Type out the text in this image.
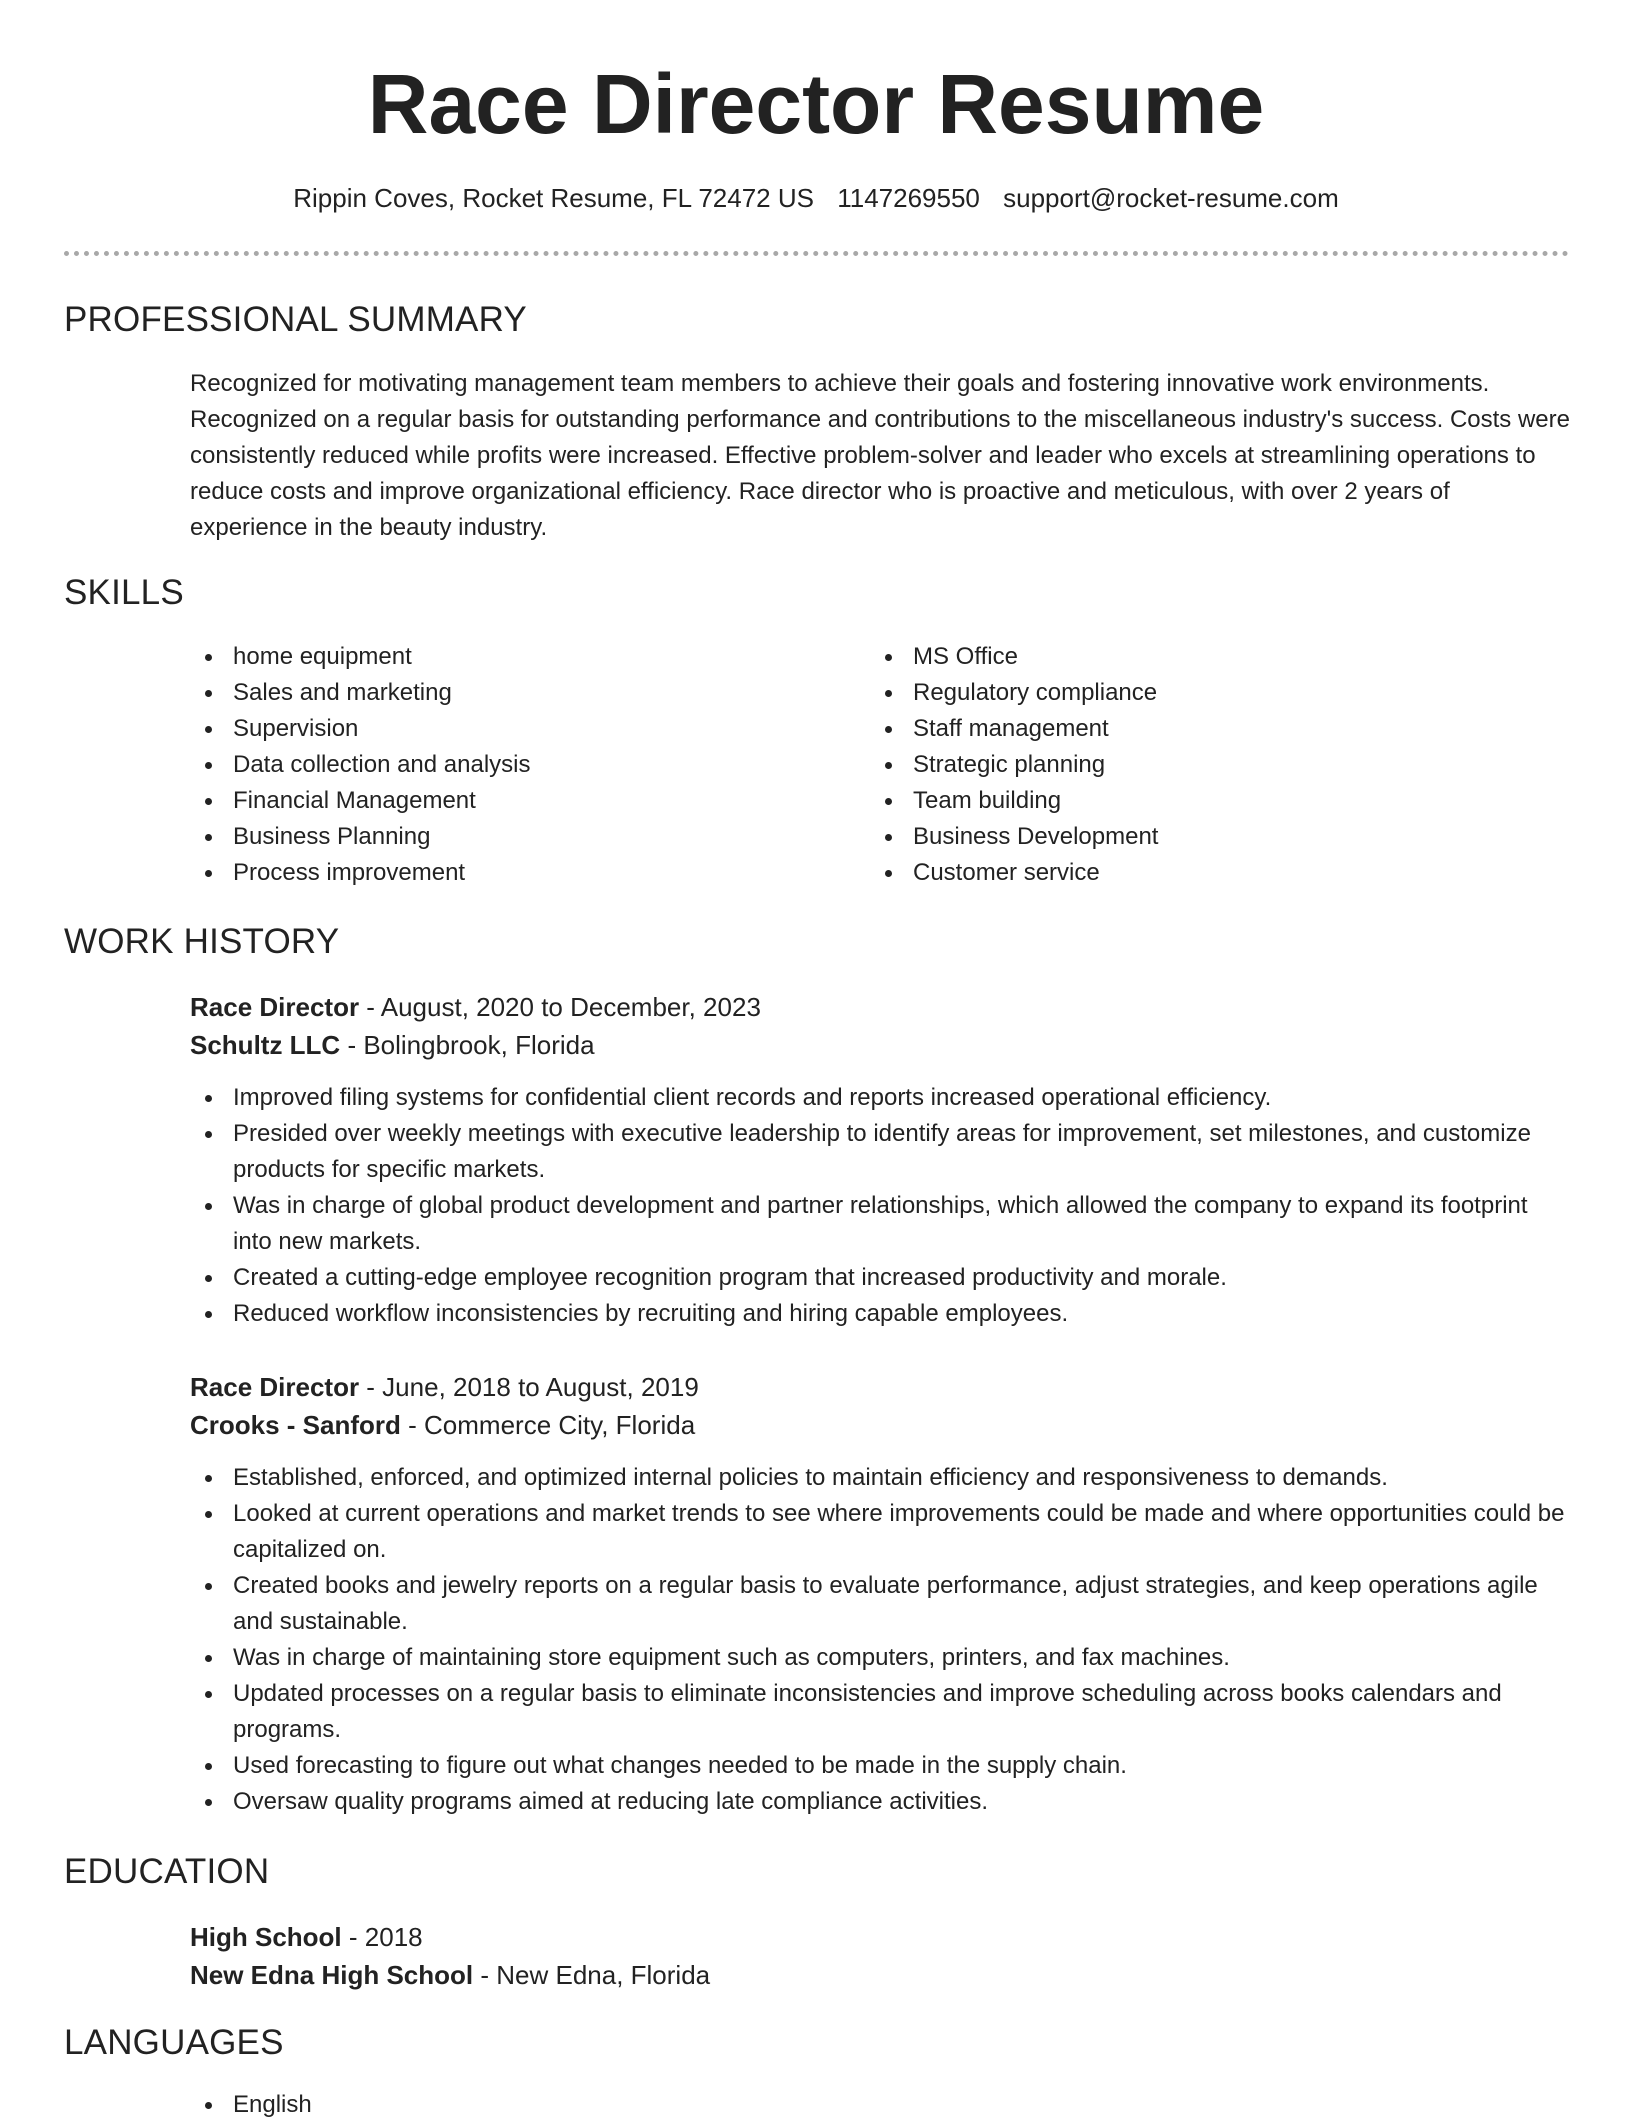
Race Director Resume
Rippin Coves, Rocket Resume, FL 72472 US 1147269550 support@rocket-resume.com
PROFESSIONAL SUMMARY

Recognized for motivating management team members to achieve their goals and fostering innovative work environments. Recognized on a regular basis for outstanding performance and contributions to the miscellaneous industry's success. Costs were consistently reduced while profits were increased. Effective problem-solver and leader who excels at streamlining operations to reduce costs and improve organizational efficiency. Race director who is proactive and meticulous, with over 2 years of experience in the beauty industry.

SKILLS
home equipment
Sales and marketing
Supervision
Data collection and analysis
Financial Management
Business Planning
Process improvement
MS Office
Regulatory compliance
Staff management
Strategic planning
Team building
Business Development
Customer service
WORK HISTORY
Race Director - August, 2020 to December, 2023
Schultz LLC - Bolingbrook, Florida
Improved filing systems for confidential client records and reports increased operational efficiency.
Presided over weekly meetings with executive leadership to identify areas for improvement, set milestones, and customize products for specific markets.
Was in charge of global product development and partner relationships, which allowed the company to expand its footprint into new markets.
Created a cutting-edge employee recognition program that increased productivity and morale.
Reduced workflow inconsistencies by recruiting and hiring capable employees.
Race Director - June, 2018 to August, 2019
Crooks - Sanford - Commerce City, Florida
Established, enforced, and optimized internal policies to maintain efficiency and responsiveness to demands.
Looked at current operations and market trends to see where improvements could be made and where opportunities could be capitalized on.
Created books and jewelry reports on a regular basis to evaluate performance, adjust strategies, and keep operations agile and sustainable.
Was in charge of maintaining store equipment such as computers, printers, and fax machines.
Updated processes on a regular basis to eliminate inconsistencies and improve scheduling across books calendars and programs.
Used forecasting to figure out what changes needed to be made in the supply chain.
Oversaw quality programs aimed at reducing late compliance activities.
EDUCATION
High School - 2018
New Edna High School - New Edna, Florida
LANGUAGES
English
